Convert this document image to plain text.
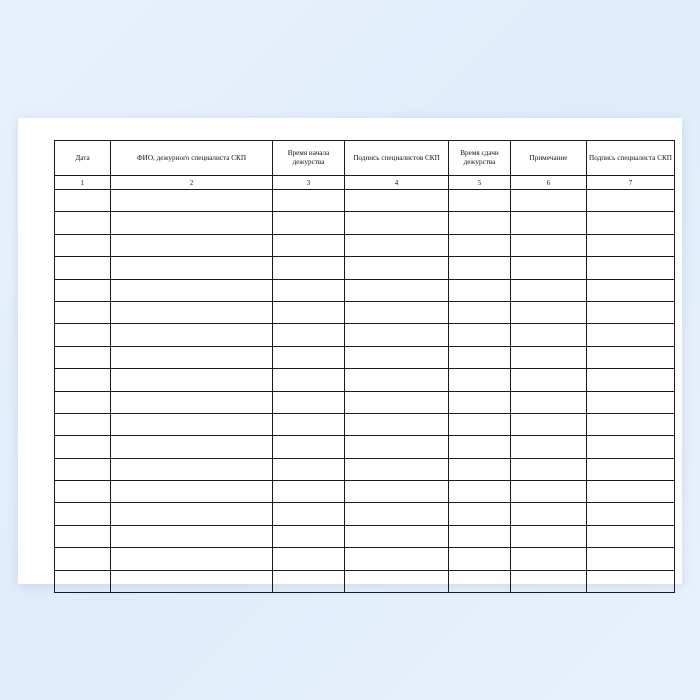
Дата	ФИО, дежурного специалиста СКП	Время начала дежурства	Подпись специалистов СКП	Время сдачи дежурства	Примечание	Подпись специалиста СКП
1	2	3	4	5	6	7
